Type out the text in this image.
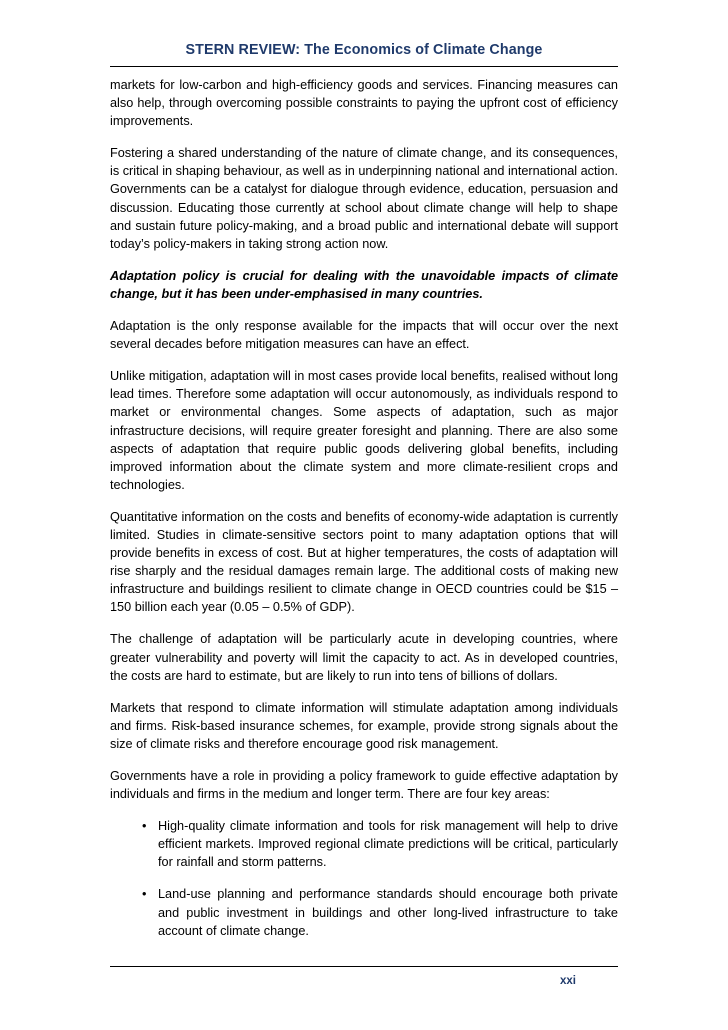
STERN REVIEW: The Economics of Climate Change

markets for low-carbon and high-efficiency goods and services. Financing measures can also help, through overcoming possible constraints to paying the upfront cost of efficiency improvements.

Fostering a shared understanding of the nature of climate change, and its consequences, is critical in shaping behaviour, as well as in underpinning national and international action. Governments can be a catalyst for dialogue through evidence, education, persuasion and discussion. Educating those currently at school about climate change will help to shape and sustain future policy-making, and a broad public and international debate will support today’s policy-makers in taking strong action now.

Adaptation policy is crucial for dealing with the unavoidable impacts of climate change, but it has been under-emphasised in many countries.

Adaptation is the only response available for the impacts that will occur over the next several decades before mitigation measures can have an effect.

Unlike mitigation, adaptation will in most cases provide local benefits, realised without long lead times. Therefore some adaptation will occur autonomously, as individuals respond to market or environmental changes. Some aspects of adaptation, such as major infrastructure decisions, will require greater foresight and planning. There are also some aspects of adaptation that require public goods delivering global benefits, including improved information about the climate system and more climate-resilient crops and technologies.

Quantitative information on the costs and benefits of economy-wide adaptation is currently limited. Studies in climate-sensitive sectors point to many adaptation options that will provide benefits in excess of cost. But at higher temperatures, the costs of adaptation will rise sharply and the residual damages remain large. The additional costs of making new infrastructure and buildings resilient to climate change in OECD countries could be $15 – 150 billion each year (0.05 – 0.5% of GDP).

The challenge of adaptation will be particularly acute in developing countries, where greater vulnerability and poverty will limit the capacity to act. As in developed countries, the costs are hard to estimate, but are likely to run into tens of billions of dollars.

Markets that respond to climate information will stimulate adaptation among individuals and firms. Risk-based insurance schemes, for example, provide strong signals about the size of climate risks and therefore encourage good risk management.

Governments have a role in providing a policy framework to guide effective adaptation by individuals and firms in the medium and longer term. There are four key areas:

• High-quality climate information and tools for risk management will help to drive efficient markets. Improved regional climate predictions will be critical, particularly for rainfall and storm patterns.
• Land-use planning and performance standards should encourage both private and public investment in buildings and other long-lived infrastructure to take account of climate change.
xxi
